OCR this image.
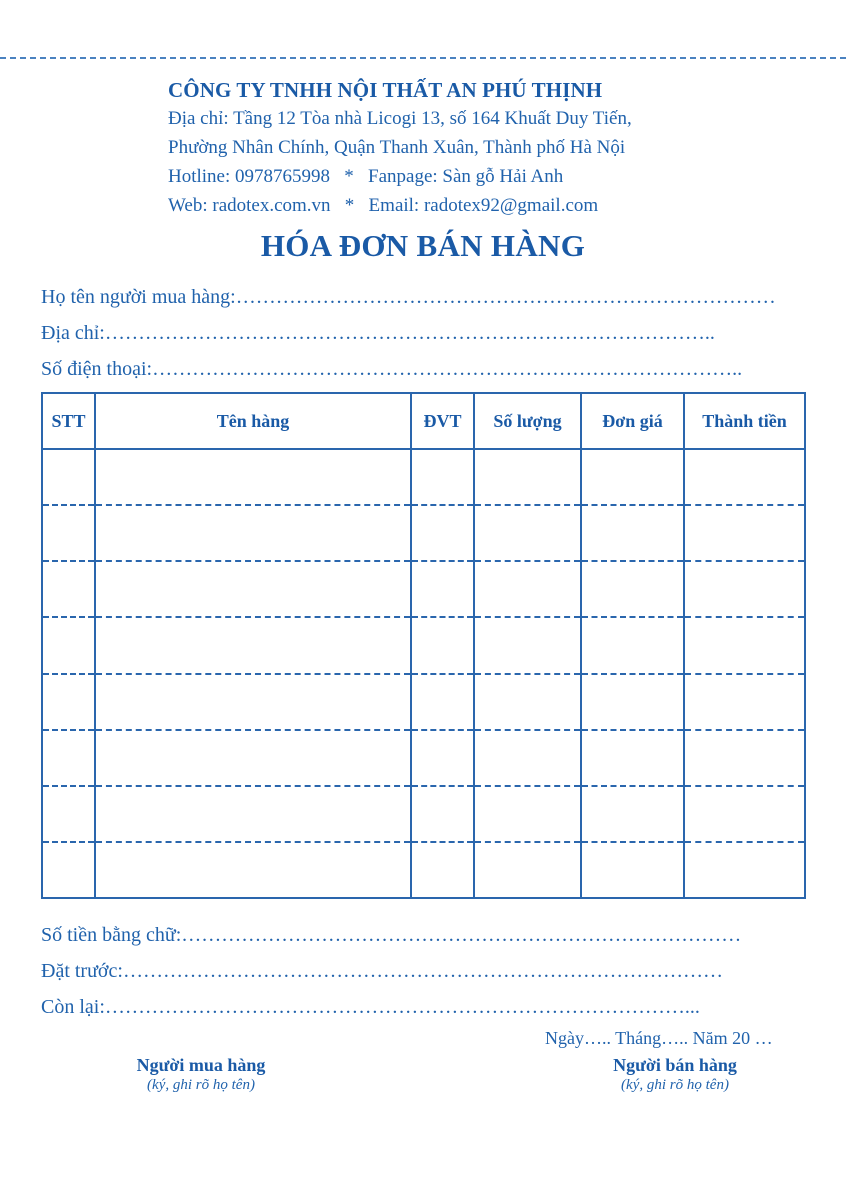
CÔNG TY TNHH NỘI THẤT AN PHÚ THỊNH
Địa chỉ: Tầng 12 Tòa nhà Licogi 13, số 164 Khuất Duy Tiến,
Phường Nhân Chính, Quận Thanh Xuân, Thành phố Hà Nội
Hotline: 0978765998   *   Fanpage: Sàn gỗ Hải Anh
Web: radotex.com.vn   *   Email: radotex92@gmail.com
HÓA ĐƠN BÁN HÀNG
Họ tên người mua hàng:………………………………………………………………………
Địa chỉ:………………………………………………………………………………..
Số điện thoại:……………………………………………………………………………..
STT	Tên hàng	ĐVT	Số lượng	Đơn giá	Thành tiền

Số tiền bằng chữ:…………………………………………………………………………
Đặt trước:………………………………………………………………………………
Còn lại:……………………………………………………………………………...
Ngày….. Tháng….. Năm 20 …
Người mua hàng
(ký, ghi rõ họ tên)
Người bán hàng
(ký, ghi rõ họ tên)
